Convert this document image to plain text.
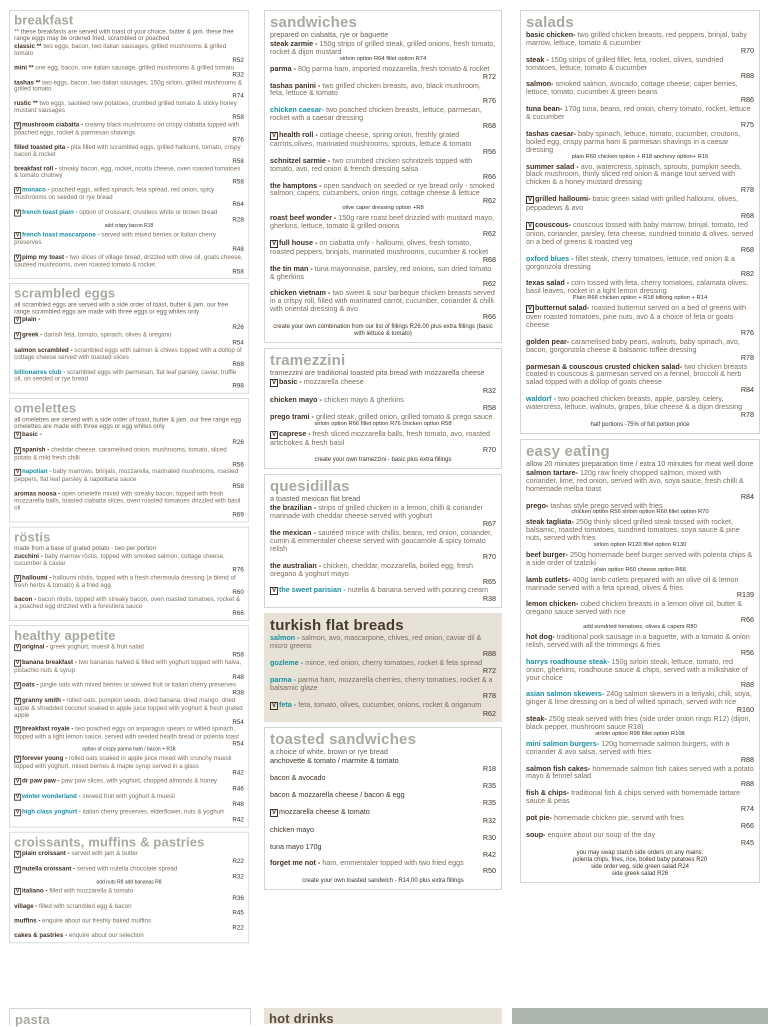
breakfast
** these breakfasts are served with toast of your choice, butter & jam. these free range eggs may be ordered fried, scrambled or poached
classic ** two eggs, bacon, two italian sausages, grilled mushrooms & grilled tomato
R52
mini ** one egg, bacon, one italian sausage, grilled mushrooms & grilled tomato
R32
tashas ** two eggs, bacon, two italian sausages, 150g sirloin, grilled mushrooms & grilled tomato
R74
rustic ** two eggs, sautéed new potatoes, crumbed grilled tomato & sticky honey mustard sausages
R58
V mushroom ciabatta - creamy black mushrooms on crispy ciabatta topped with poached eggs, rocket & parmesan shavings
R76
filled toasted pita - pita filled with scrambled eggs, grilled halloumi, tomato, crispy bacon & rocket
R58
breakfast roll - streaky bacon, egg, rocket, ricotta cheese, oven roasted tomatoes & tomato chutney
R58
V monaco - poached eggs, wilted spinach, feta spread, red onion, spicy mushrooms on seeded or rye bread
R64
V french toast plain - option of croissant, crustless white or brown bread
R28
add crispy bacon R18
V french toast mascarpone - served with mixed berries or italian cherry preserves
R48
V pimp my toast - two slices of village bread, drizzled with olive oil, goats cheese, sautéed mushrooms, oven roasted tomato & rocket
R58
scrambled eggs
all scrambled eggs are served with a side order of toast, butter & jam. our free range scrambled eggs are made with three eggs or egg whites only
V plain -
R26
V greek - danish feta, tomato, spinach, olives & oregano
R54
salmon scrambled - scrambled eggs with salmon & chives topped with a dollop of cottage cheese served with toasted slices
R68
billionaires club - scrambled eggs with parmesan, flat leaf parsley, caviar, truffle oil, on seeded or rye bread
R98
omelettes
all omelettes are served with a side order of toast, butter & jam. our free range egg omelettes are made with three eggs or egg whites only
V basic -
R26
V spanish - cheddar cheese, caramelised onion, mushrooms, tomato, sliced potato & mild fresh chilli
R56
V napolian - baby marrows, brinjals, mozzarella, marinated mushrooms, roasted peppers, flat leaf parsley & napolitana sauce
R58
aromas noosa - open omelette mixed with streaky bacon, topped with fresh mozzarella balls, toasted ciabatta slices, oven roasted tomatoes drizzled with basil oil
R69
röstis
made from a base of grated potato - two per portion
zucchini - baby marrow röstis, topped with smoked salmon, cottage cheese, cucumber & caviar
R76
V halloumi - halloumi röstis, topped with a fresh chermoula dressing (a blend of fresh herbs & tomato) & a fried egg
R60
bacon - bacon röstis, topped with streaky bacon, oven roasted tomatoes, rocket & a poached egg drizzled with a forestiera sauce
R66
healthy appetite
V original - greek yoghurt, muesli & fruit salad
R58
V banana breakfast - two bananas halved & filled with yoghurt topped with halva, pistachio nuts & syrup
R48
V oats - jungle oats with mixed berries or stewed fruit or italian cherry preserves
R38
V granny smith - rolled oats, pumpkin seeds, dried banana, dried mango, dried apple & shredded coconut soaked in apple juice topped with yoghurt & fresh grated apple
R54
V breakfast royale - two poached eggs on asparagus spears or wilted spinach, topped with a light lemon sauce, served with seeded health bread or polenta toast
R54
option of crispy parma ham / bacon + R18
V forever young - rolled oats soaked in apple juice mixed with crunchy muesli topped with yoghurt, mixed berries & maple syrup served in a glass
R42
V dr paw paw - paw paw slices, with yoghurt, chopped almonds & honey
R46
V winter wonderland - stewed fruit with yoghurt & muesli
R48
V high class yoghurt - italian cherry preserves, elderflower, nuts & yoghurt
R42
croissants, muffins & pastries
V plain croissant - served with jam & butter
R22
V nutella croissant - served with nutella chocolate spread
R32
add nuts R8 add bananas R8
V italiano - filled with mozzarella & tomato
R36
village - filled with scrambled egg & bacon
R45
muffins - enquire about our freshly baked muffins
R22
cakes & pastries - enquire about our selection
sandwiches
prepared on ciabatta, rye or baguette
steak zarmie - 150g strips of grilled steak, grilled onions, fresh tomato, rocket & dijon mustard
sirloin option R64 fillet option R74
parma - 80g parma ham, imported mozzarella, fresh tomato & rocket
R72
tashas panini - two grilled chicken breasts, avo, black mushroom, feta, lettuce & tomato
R76
chicken caesar- two poached chicken breasts, lettuce, parmesan, rocket with a caesar dressing
R68
V health roll - cottage cheese, spring onion, freshly grated carrots,olives, marinated mushrooms, sprouts, lettuce & tomato
R56
schnitzel sarmie - two crumbed chicken schnitzels topped with tomato, avo, red onion & french dressing salsa
R66
the hamptons - open sandwich on seeded or rye bread only - smoked salmon, capers, cucumbers, onion rings, cottage cheese & lettuce
R62
olive caper dressing option +R8
roast beef wonder - 150g rare roast beef drizzled with mustard mayo, gherkins, lettuce, tomato & grilled onions
R62
V full house - on ciabatta only - halloumi, olives, fresh tomato, roasted peppers, brinjals, marinated mushrooms, cucumber & rocket
R68
the tin man - tuna mayonnaise, parsley, red onions, sun dried tomato & gherkins
R62
chicken vietnam - two sweet & sour barbeque chicken breasts served in a crispy roll, filled with marinated carrot, cucumber, coriander & chilli with oriental dressing & avo
R66
create your own combination from our list of fillings R26.00 plus extra fillings (basic with lettuce & tomato)
tramezzini
tramezzini are traditional toasted pita bread with mozzarella cheese
V basic - mozzarella cheese
R32
chicken mayo - chicken mayo & gherkins
R58
prego trami - grilled steak, grilled onion, grilled tomato & prego sauce
sirloin option R66 fillet option R76 chicken option R58
V caprese - fresh sliced mozzarella balls, fresh tomato, avo, roasted artichokes & fresh basil
R70
create your own tramezzini - basic plus extra fillings
quesidillas
a toasted mexican flat bread
the brazilian - strips of grilled chicken in a lemon, chilli & coriander marinade with cheddar cheese served with yoghurt
R67
the mexican - sautéed mince with chillis, beans, red onion, coriander, cumin & emmentaler cheese served with gaucamole & spicy tomato relish
R70
the australian - chicken, cheddar, mozzarella, boiled egg, fresh oregano & yoghurt mayo
R65
V the sweet parisian - nutella & banana served with pouring cream
R38
turkish flat breads
salmon - salmon, avo, mascarpone, chives, red onion, caviar dil & micro greens
R88
gozleme - mince, red onion, cherry tomatoes, rocket & feta spread
R72
parma - parma ham, mozzarella cherries, cherry tomatoes, rocket & a balsamic glaze
R78
V feta - feta, tomato, olives, cucumber, onions, rocket & origanum
R62
toasted sandwiches
a choice of white, brown or rye bread
anchovette & tomato / marmite & tomato
R18
bacon & avocado
R35
bacon & mozzarella cheese / bacon & egg
R35
V mozzarella cheese & tomato
R32
chicken mayo
R30
tuna mayo 170g
R42
forget me not - ham, emmentaler topped with two fried eggs
R50
create your own toasted sandwich - R14.00 plus extra fillings
salads
basic chicken- two grilled chicken breasts, red peppers, brinjal, baby marrow, lettuce, tomato & cucumber
R70
steak - 150g strips of grilled fillet, feta, rocket, olives, sundried tomatoes, lettuce, tomato & cucumber
R88
salmon- smoked salmon, avocado, cottage cheese, caper berries, lettuce, tomato, cucumber & green beans
R86
tuna bean- 170g tuna, beans, red onion, cherry tomato, rocket, lettuce & cucumber
R75
tashas caesar- baby spinach, lettuce, tomato, cucumber, croutons, boiled egg, crispy parma ham & parmesan shavings in a caesar dressing
plain R60 chicken option + R18 anchovy option+ R16
summer salad - avo, watercress, spinach, sprouts, pumpkin seeds, black mushroom, thinly sliced red onion & mange tout served with chicken & a honey mustard dressing
R78
V grilled halloumi- basic green salad with grilled halloumi, olives, peppadews & avo
R68
V couscous- couscous tossed with baby marrow, brinjal, tomato, red onion, coriander, parsley, feta cheese, sundried tomato & olives. served on a bed of greens & roasted veg
R68
oxford blues - fillet steak, cherry tomatoes, lettuce, red onion & a gorgonzola dressing
R82
texas salad - corn tossed with feta, cherry tomatoes, calamata olives, basil leaves, rocket in a light lemon dressing
Plain R66 chicken option + R18 biltong option + R14
V butternut salad- roasted butternut served on a bed of greens with oven roasted tomatoes, pine nuts, avo & a choice of feta or goats cheese
R76
golden pear- caramelised baby pears, walnuts, baby spinach, avo, bacon, gorgonzola cheese & balsamic toffee dressing
R78
parmesan & couscous crusted chicken salad- two chicken breasts coated in couscous & parmesan served on a fennel, broccoli & herb salad topped with a dollop of goats cheese
R84
waldorf - two poached chicken breasts, apple, parsley, celery, watercress, lettuce, walnuts, grapes, blue cheese & a dijon dressing
R78
half portions -75% of full portion price
easy eating
allow 20 minutes preparation time / extra 10 minutes for meat well done
salmon tartare- 120g raw finely chopped salmon, mixed with coriander, lime, red onion, served with avo, soya sauce, fresh chilli & homemade melba toast
R84
prego- tashas style prego served with fries
chicken option R56 sirloin option R60 fillet option R70
steak tagliata- 250g thinly sliced grilled steak tossed with rocket, balsamic, roasted tomatoes, sundried tomatoes, soya sauce & pine nuts, served with fries
sirloin option R120 fillet option R130
beef burger- 250g homemade beef burger served with polenta chips & a side order of tzatziki
plain option R60 cheese option R66
lamb cutlets- 400g lamb cutlets prepared with an olive oil & lemon marinade served with a feta spread, olives & fries
R139
lemon chicken- cubed chicken breasts in a lemon olive oil, butter & oregano sauce served with rice
R66
add sundried tomatoes, olives & capers R80
hot dog- traditional pork sausage in a baguette, with a tomato & onion relish, served with all the trimmings & fries
R56
harrys roadhouse steak- 150g sirloin steak, lettuce, tomato, red onion, gherkins, roadhouse sauce & chips, served with a milkshake of your choice
R88
asian salmon skewers- 240g salmon skewers in a teriyaki, chili, soya, ginger & lime dressing on a bed of wilted spinach, served with rice
R160
steak- 250g steak served with fries (side order onion rings R12) (dijon, black pepper, mushroom sauce R18)
sirloin option R98 fillet option R108
mini salmon burgers- 120g homemade salmon burgers, with a coriander & avo salsa, served with fries
R88
salmon fish cakes- homemade salmon fish cakes served with a potato mayo & fennel salad
R88
fish & chips- traditional fish & chips served with homemade tartare sauce & peas
R74
pot pie- homemade chicken pie, served with fries
R66
soup- enquire about our soup of the day
R45
you may swap starch side orders on any mains:
polenta chips, fries, rice, boiled baby potatoes R20
side order veg, side green salad R24
side greek salad R26
pasta	hot drinks
